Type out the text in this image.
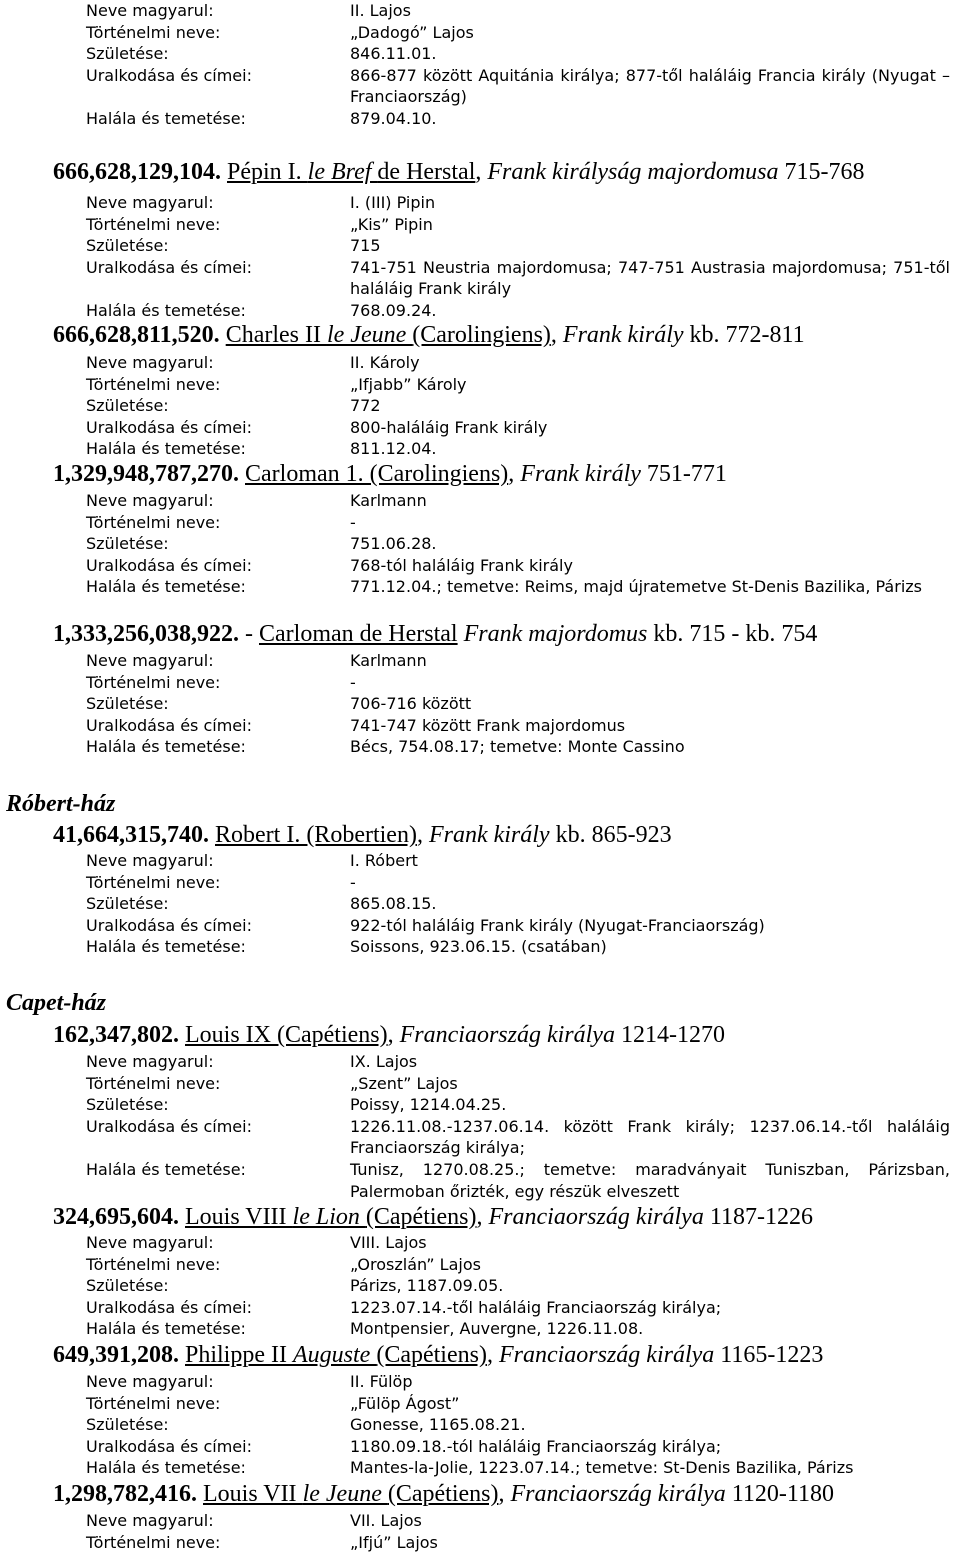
Neve magyarul:	II. Lajos
Történelmi neve:	„Dadogó” Lajos
Születése:	846.11.01.
Uralkodása és címei:	866-877 között Aquitánia királya; 877-től haláláig Francia király (Nyugat –Franciaország)
Halála és temetése:	879.04.10.
666,628,129,104. Pépin I. le Bref de Herstal, Frank királyság majordomusa 715-768
Neve magyarul:	I. (III) Pipin
Történelmi neve:	„Kis” Pipin
Születése:	715
Uralkodása és címei:	741-751 Neustria majordomusa; 747-751 Austrasia majordomusa; 751-től haláláig Frank király
Halála és temetése:	768.09.24.
666,628,811,520. Charles II le Jeune (Carolingiens), Frank király kb. 772-811
Neve magyarul:	II. Károly
Történelmi neve:	„Ifjabb” Károly
Születése:	772
Uralkodása és címei:	800-haláláig Frank király
Halála és temetése:	811.12.04.
1,329,948,787,270. Carloman 1. (Carolingiens), Frank király 751-771
Neve magyarul:	Karlmann
Történelmi neve:	-
Születése:	751.06.28.
Uralkodása és címei:	768-tól haláláig Frank király
Halála és temetése:	771.12.04.; temetve: Reims, majd újratemetve St-Denis Bazilika, Párizs
1,333,256,038,922. - Carloman de Herstal Frank majordomus kb. 715 - kb. 754
Neve magyarul:	Karlmann
Történelmi neve:	-
Születése:	706-716 között
Uralkodása és címei:	741-747 között Frank majordomus
Halála és temetése:	Bécs, 754.08.17; temetve: Monte Cassino
Róbert-ház
41,664,315,740. Robert I. (Robertien), Frank király kb. 865-923
Neve magyarul:	I. Róbert
Történelmi neve:	-
Születése:	865.08.15.
Uralkodása és címei:	922-tól haláláig Frank király (Nyugat-Franciaország)
Halála és temetése:	Soissons, 923.06.15. (csatában)
Capet-ház
162,347,802. Louis IX (Capétiens), Franciaország királya 1214-1270
Neve magyarul:	IX. Lajos
Történelmi neve:	„Szent” Lajos
Születése:	Poissy, 1214.04.25.
Uralkodása és címei:	1226.11.08.-1237.06.14. között Frank király; 1237.06.14.-től haláláig Franciaország királya;
Halála és temetése:	Tunisz, 1270.08.25.; temetve: maradványait Tuniszban, Párizsban, Palermoban őrizték, egy részük elveszett
324,695,604. Louis VIII le Lion (Capétiens), Franciaország királya 1187-1226
Neve magyarul:	VIII. Lajos
Történelmi neve:	„Oroszlán” Lajos
Születése:	Párizs, 1187.09.05.
Uralkodása és címei:	1223.07.14.-től haláláig Franciaország királya;
Halála és temetése:	Montpensier, Auvergne, 1226.11.08.
649,391,208. Philippe II Auguste (Capétiens), Franciaország királya 1165-1223
Neve magyarul:	II. Fülöp
Történelmi neve:	„Fülöp Ágost”
Születése:	Gonesse, 1165.08.21.
Uralkodása és címei:	1180.09.18.-tól haláláig Franciaország királya;
Halála és temetése:	Mantes-la-Jolie, 1223.07.14.; temetve: St-Denis Bazilika, Párizs
1,298,782,416. Louis VII le Jeune (Capétiens), Franciaország királya 1120-1180
Neve magyarul:	VII. Lajos
Történelmi neve:	„Ifjú” Lajos
